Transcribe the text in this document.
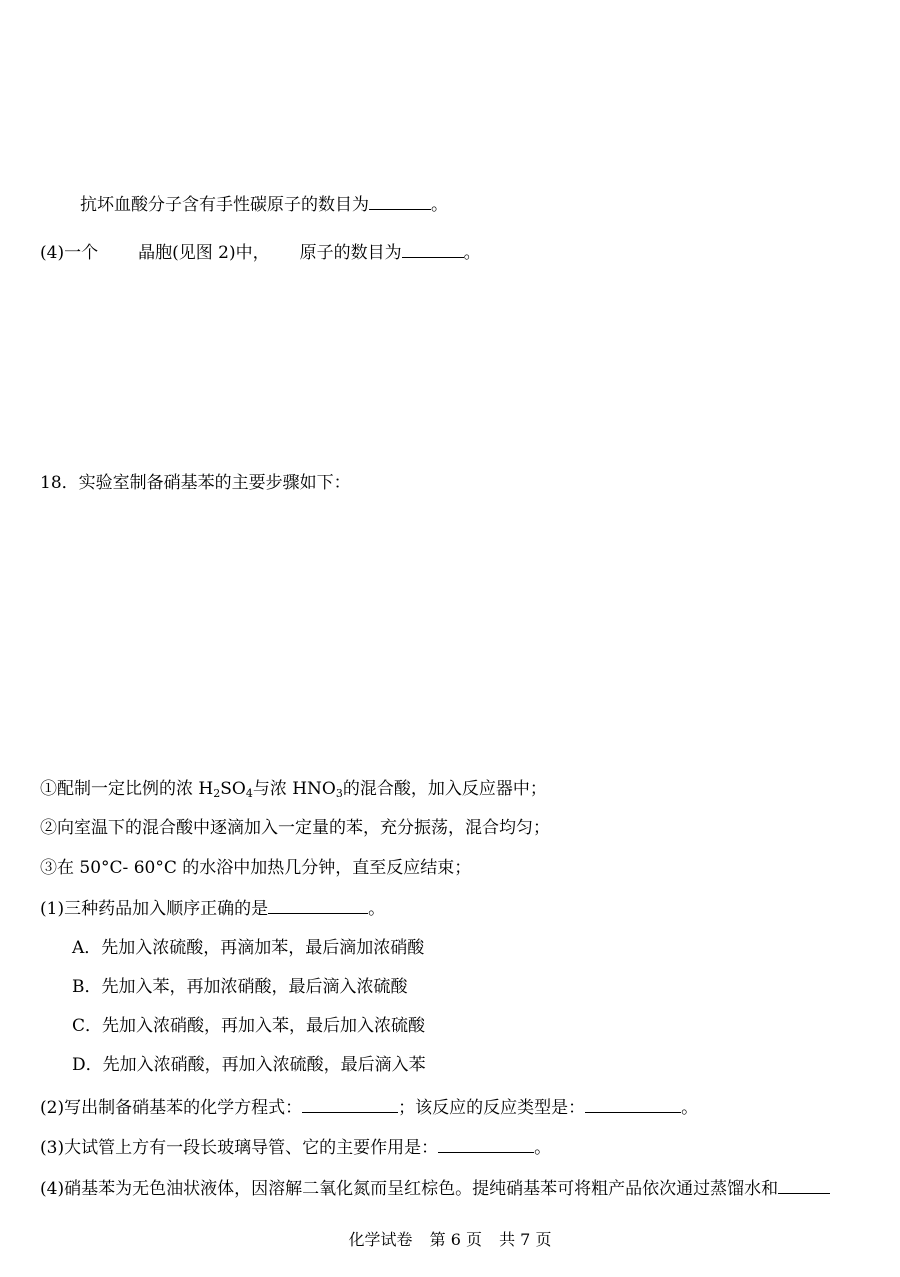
抗坏血酸分子含有手性碳原子的数目为	。
(4)一个 晶胞(见图 2)中， 原子的数目为	。
18．实验室制备硝基苯的主要步骤如下：
①配制一定比例的浓 $H_2SO_4$与浓 $HNO_3$的混合酸，加入反应器中；
②向室温下的混合酸中逐滴加入一定量的苯，充分振荡，混合均匀；
③在 50°C- 60°C 的水浴中加热几分钟，直至反应结束；
(1)三种药品加入顺序正确的是	。
A．先加入浓硫酸，再滴加苯，最后滴加浓硝酸
B．先加入苯，再加浓硝酸，最后滴入浓硫酸
C．先加入浓硝酸，再加入苯，最后加入浓硫酸
D．先加入浓硝酸，再加入浓硫酸，最后滴入苯
(2)写出制备硝基苯的化学方程式：	；该反应的反应类型是：	。
(3)大试管上方有一段长玻璃导管、它的主要作用是：	。
(4)硝基苯为无色油状液体，因溶解二氧化氮而呈红棕色。提纯硝基苯可将粗产品依次通过蒸馏水和
化学试卷 第 6 页 共 7 页
